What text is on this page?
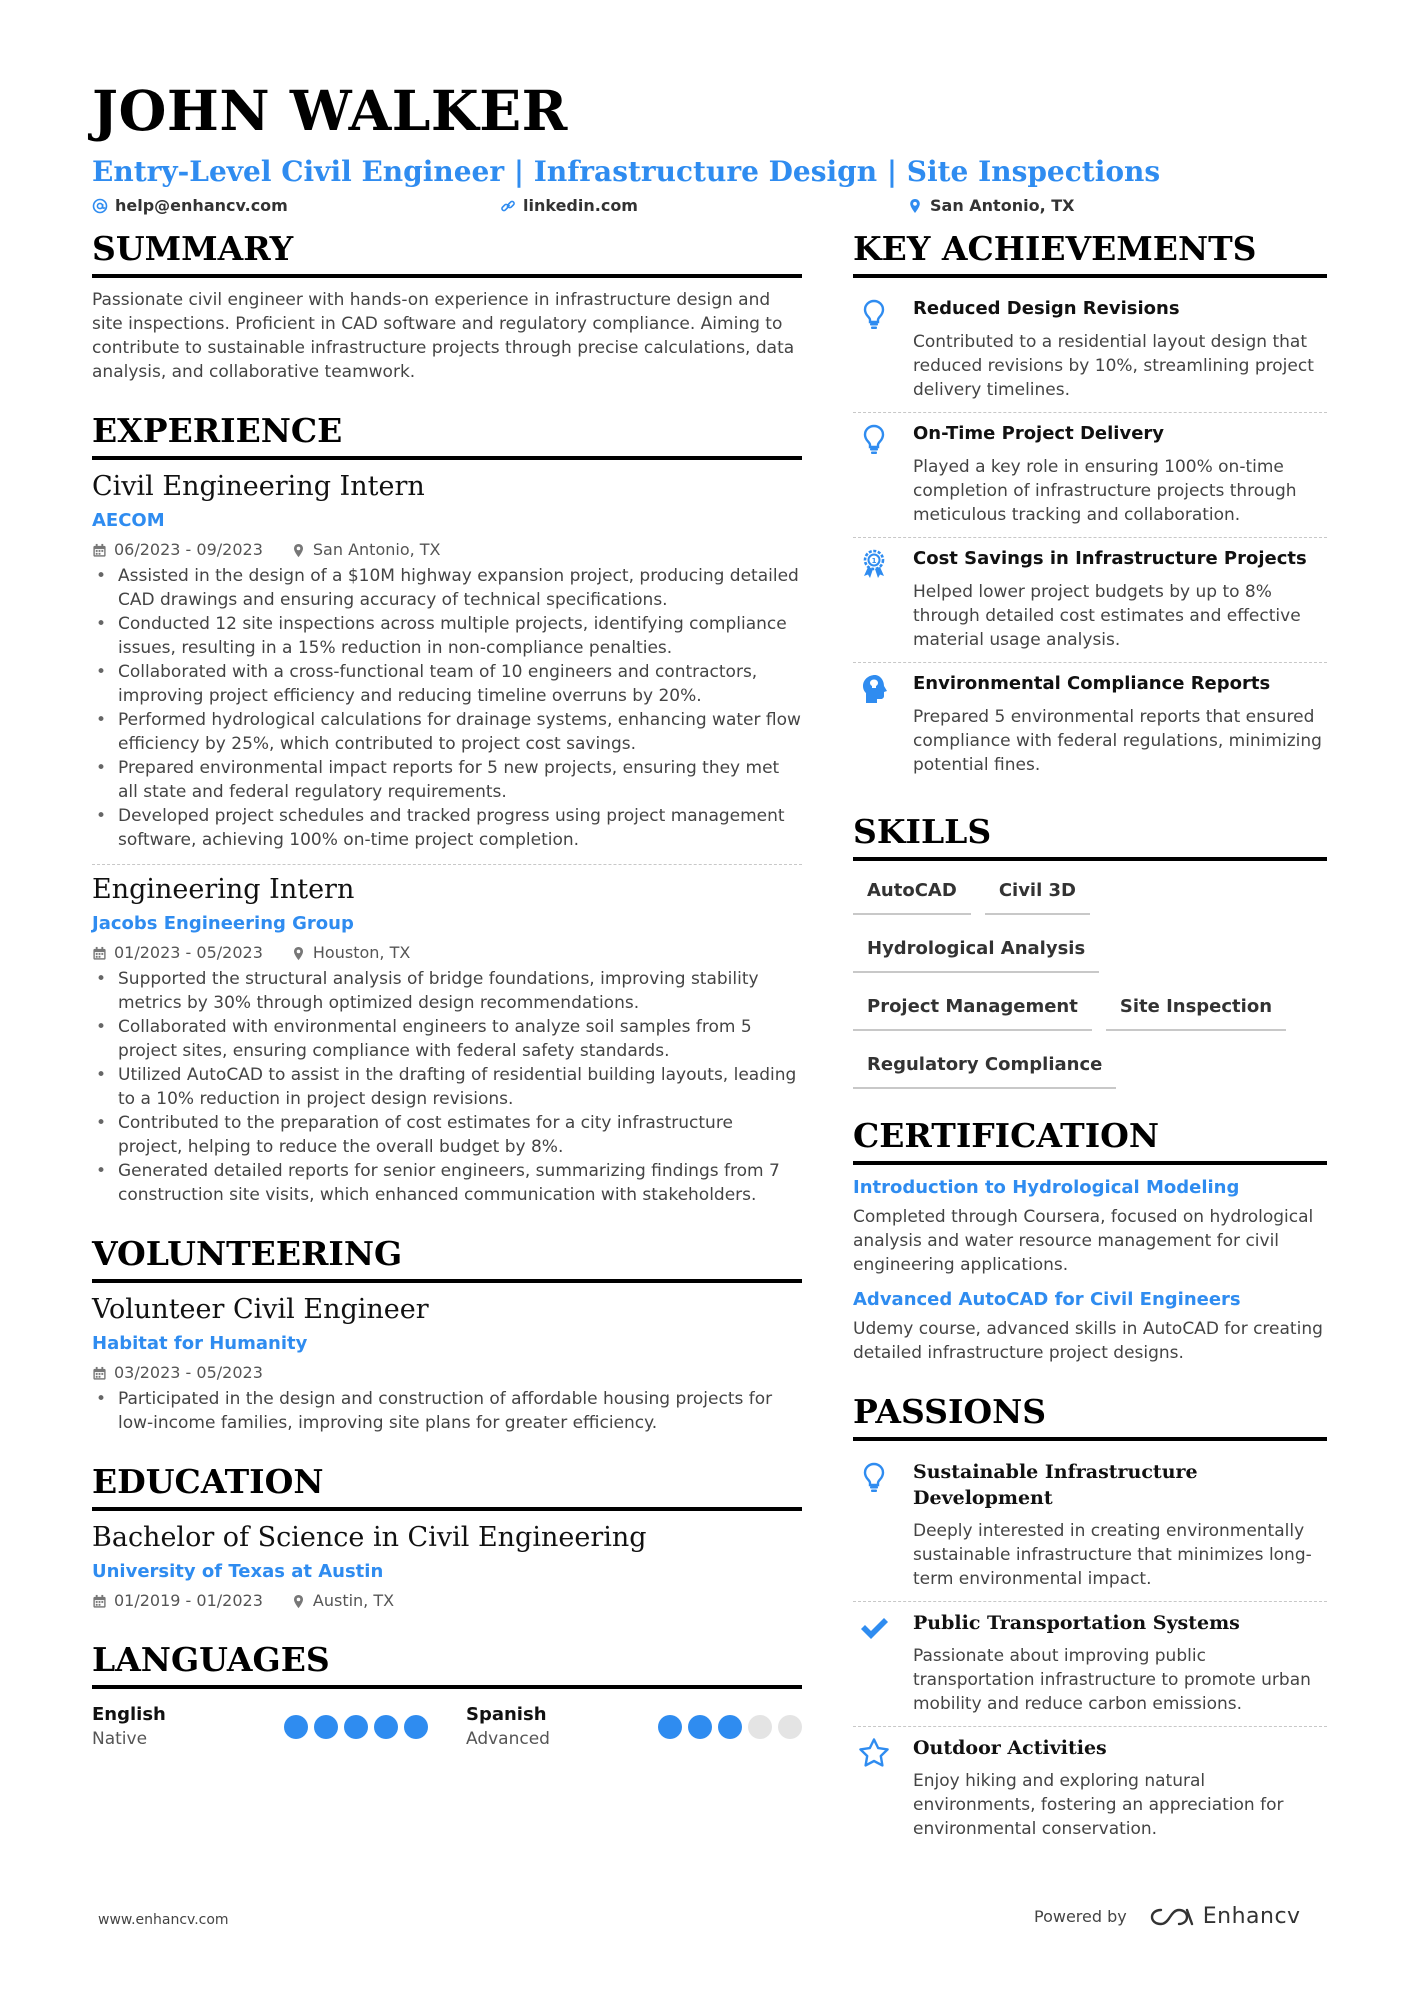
JOHN WALKER
Entry-Level Civil Engineer | Infrastructure Design | Site Inspections
help@enhancv.com	linkedin.com	San Antonio, TX
SUMMARY
Passionate civil engineer with hands-on experience in infrastructure design and site inspections. Proficient in CAD software and regulatory compliance. Aiming to contribute to sustainable infrastructure projects through precise calculations, data analysis, and collaborative teamwork.
EXPERIENCE
Civil Engineering Intern
AECOM
06/2023 - 09/2023	San Antonio, TX
• Assisted in the design of a $10M highway expansion project, producing detailed CAD drawings and ensuring accuracy of technical specifications.
• Conducted 12 site inspections across multiple projects, identifying compliance issues, resulting in a 15% reduction in non-compliance penalties.
• Collaborated with a cross-functional team of 10 engineers and contractors, improving project efficiency and reducing timeline overruns by 20%.
• Performed hydrological calculations for drainage systems, enhancing water flow efficiency by 25%, which contributed to project cost savings.
• Prepared environmental impact reports for 5 new projects, ensuring they met all state and federal regulatory requirements.
• Developed project schedules and tracked progress using project management software, achieving 100% on-time project completion.
Engineering Intern
Jacobs Engineering Group
01/2023 - 05/2023	Houston, TX
• Supported the structural analysis of bridge foundations, improving stability metrics by 30% through optimized design recommendations.
• Collaborated with environmental engineers to analyze soil samples from 5 project sites, ensuring compliance with federal safety standards.
• Utilized AutoCAD to assist in the drafting of residential building layouts, leading to a 10% reduction in project design revisions.
• Contributed to the preparation of cost estimates for a city infrastructure project, helping to reduce the overall budget by 8%.
• Generated detailed reports for senior engineers, summarizing findings from 7 construction site visits, which enhanced communication with stakeholders.
VOLUNTEERING
Volunteer Civil Engineer
Habitat for Humanity
03/2023 - 05/2023
• Participated in the design and construction of affordable housing projects for low-income families, improving site plans for greater efficiency.
EDUCATION
Bachelor of Science in Civil Engineering
University of Texas at Austin
01/2019 - 01/2023	Austin, TX
LANGUAGES
English
Native
Spanish
Advanced
KEY ACHIEVEMENTS
Reduced Design Revisions
Contributed to a residential layout design that reduced revisions by 10%, streamlining project delivery timelines.
On-Time Project Delivery
Played a key role in ensuring 100% on-time completion of infrastructure projects through meticulous tracking and collaboration.
1 Cost Savings in Infrastructure Projects
Helped lower project budgets by up to 8% through detailed cost estimates and effective material usage analysis.
Environmental Compliance Reports
Prepared 5 environmental reports that ensured compliance with federal regulations, minimizing potential fines.
SKILLS
AutoCAD	Civil 3D
Hydrological Analysis
Project Management	Site Inspection
Regulatory Compliance
CERTIFICATION
Introduction to Hydrological Modeling
Completed through Coursera, focused on hydrological analysis and water resource management for civil engineering applications.
Advanced AutoCAD for Civil Engineers
Udemy course, advanced skills in AutoCAD for creating detailed infrastructure project designs.
PASSIONS
Sustainable Infrastructure Development
Deeply interested in creating environmentally sustainable infrastructure that minimizes long-term environmental impact.
Public Transportation Systems
Passionate about improving public transportation infrastructure to promote urban mobility and reduce carbon emissions.
Outdoor Activities
Enjoy hiking and exploring natural environments, fostering an appreciation for environmental conservation.
www.enhancv.com	Powered by	Enhancv
